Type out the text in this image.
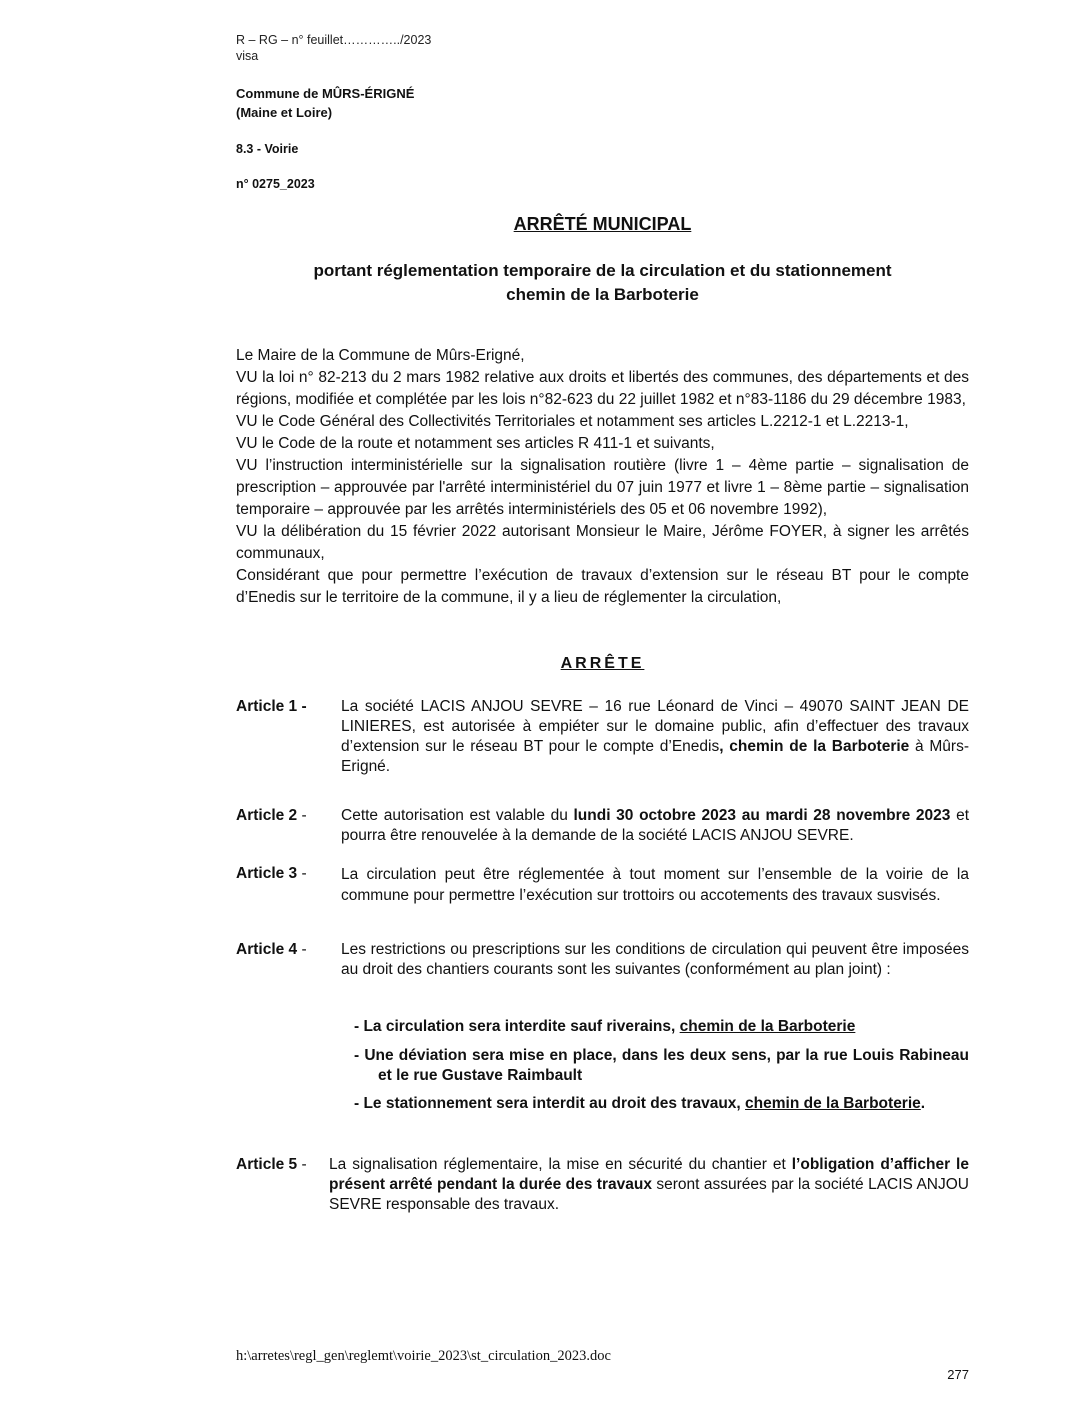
R – RG – n° feuillet…………../2023
visa
Commune de MÛRS-ÉRIGNÉ
(Maine et Loire)
8.3 - Voirie
n° 0275_2023
ARRÊTÉ MUNICIPAL
portant réglementation temporaire de la circulation et du stationnement
chemin de la Barboterie

Le Maire de la Commune de Mûrs-Erigné,

VU la loi n° 82-213 du 2 mars 1982 relative aux droits et libertés des communes, des départements et des régions, modifiée et complétée par les lois n°82-623 du 22 juillet 1982 et n°83-1186 du 29 décembre 1983,

VU le Code Général des Collectivités Territoriales et notamment ses articles L.2212-1 et L.2213-1,

VU le Code de la route et notamment ses articles R 411-1 et suivants,

VU l’instruction interministérielle sur la signalisation routière (livre 1 – 4ème partie – signalisation de prescription – approuvée par l'arrêté interministériel du 07 juin 1977 et livre 1 – 8ème partie – signalisation temporaire – approuvée par les arrêtés interministériels des 05 et 06 novembre 1992),

VU la délibération du 15 février 2022 autorisant Monsieur le Maire, Jérôme FOYER, à signer les arrêtés communaux,

Considérant que pour permettre l’exécution de travaux d’extension sur le réseau BT pour le compte d’Enedis sur le territoire de la commune, il y a lieu de réglementer la circulation,

ARRÊTE
Article 1 -	La société LACIS ANJOU SEVRE – 16 rue Léonard de Vinci – 49070 SAINT JEAN DE LINIERES, est autorisée à empiéter sur le domaine public, afin d’effectuer des travaux d’extension sur le réseau BT pour le compte d’Enedis, chemin de la Barboterie à Mûrs-Erigné.
Article 2 -	Cette autorisation est valable du lundi 30 octobre 2023 au mardi 28 novembre 2023 et pourra être renouvelée à la demande de la société LACIS ANJOU SEVRE.
Article 3 -	La circulation peut être réglementée à tout moment sur l’ensemble de la voirie de la commune pour permettre l’exécution sur trottoirs ou accotements des travaux susvisés.
Article 4 -	Les restrictions ou prescriptions sur les conditions de circulation qui peuvent être imposées au droit des chantiers courants sont les suivantes (conformément au plan joint) :
- La circulation sera interdite sauf riverains, chemin de la Barboterie
- Une déviation sera mise en place, dans les deux sens, par la rue Louis Rabineau et le rue Gustave Raimbault
- Le stationnement sera interdit au droit des travaux, chemin de la Barboterie.
Article 5 -	La signalisation réglementaire, la mise en sécurité du chantier et l’obligation d’afficher le présent arrêté pendant la durée des travaux seront assurées par la société LACIS ANJOU SEVRE responsable des travaux.
h:\arretes\regl_gen\reglemt\voirie_2023\st_circulation_2023.doc
277
